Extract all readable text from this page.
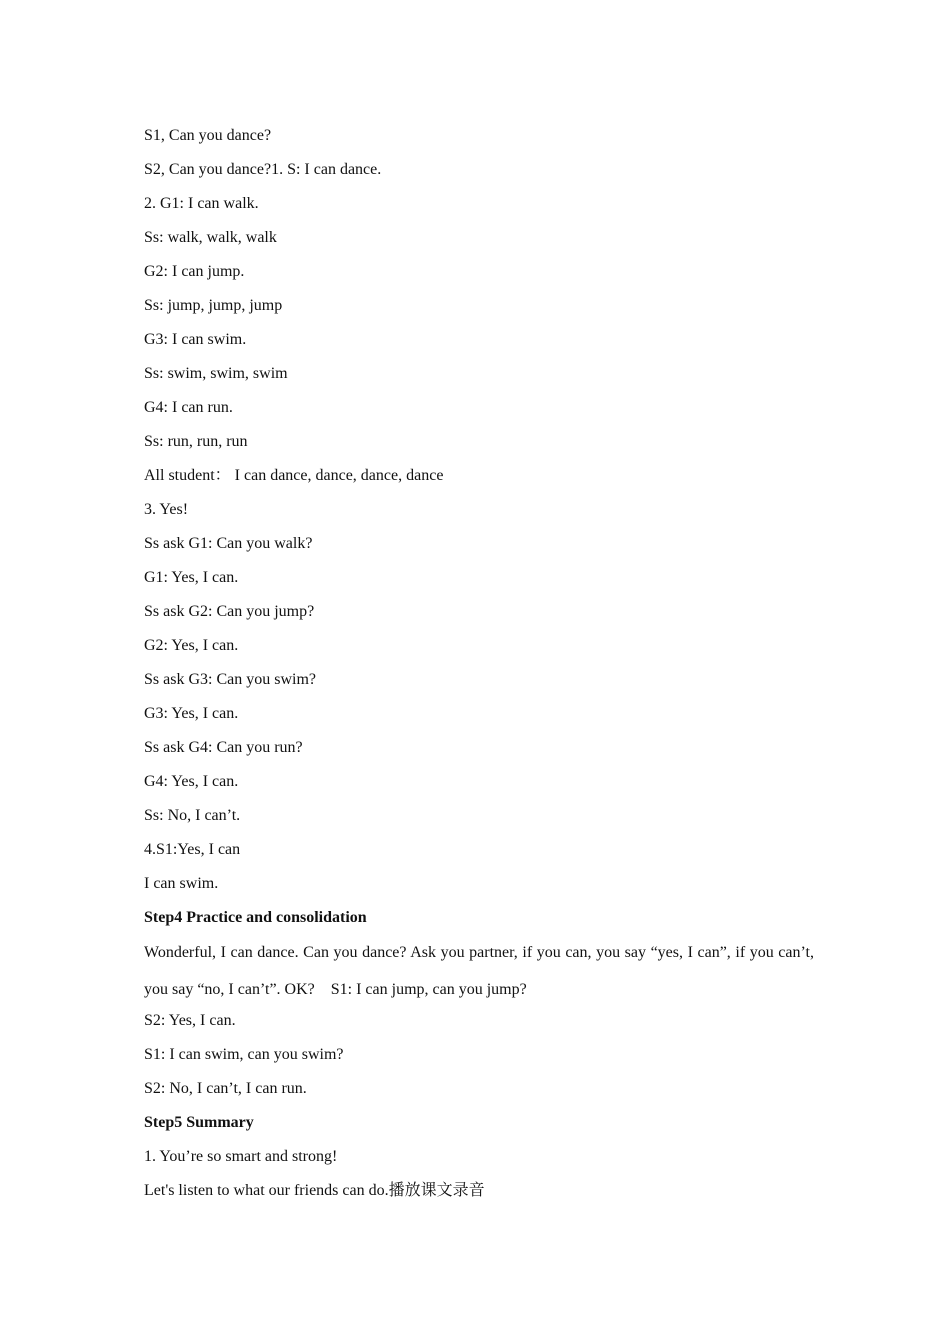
S1, Can you dance?
S2, Can you dance?1. S: I can dance.
2. G1: I can walk.
Ss: walk, walk, walk
G2: I can jump.
Ss: jump, jump, jump
G3: I can swim.
Ss: swim, swim, swim
G4: I can run.
Ss: run, run, run
All student： I can dance, dance, dance, dance
3. Yes!
Ss ask G1: Can you walk?
G1: Yes, I can.
Ss ask G2: Can you jump?
G2: Yes, I can.
Ss ask G3: Can you swim?
G3: Yes, I can.
Ss ask G4: Can you run?
G4: Yes, I can.
Ss: No, I can’t.
4.S1:Yes, I can
I can swim.
Step4 Practice and consolidation
Wonderful, I can dance. Can you dance? Ask you partner, if you can, you say “yes, I can”, if you can’t, you say “no, I can’t”. OK?　S1: I can jump, can you jump?
S2: Yes, I can.
S1: I can swim, can you swim?
S2: No, I can’t, I can run.
Step5 Summary
1. You’re so smart and strong!
Let's listen to what our friends can do.播放课文录音
